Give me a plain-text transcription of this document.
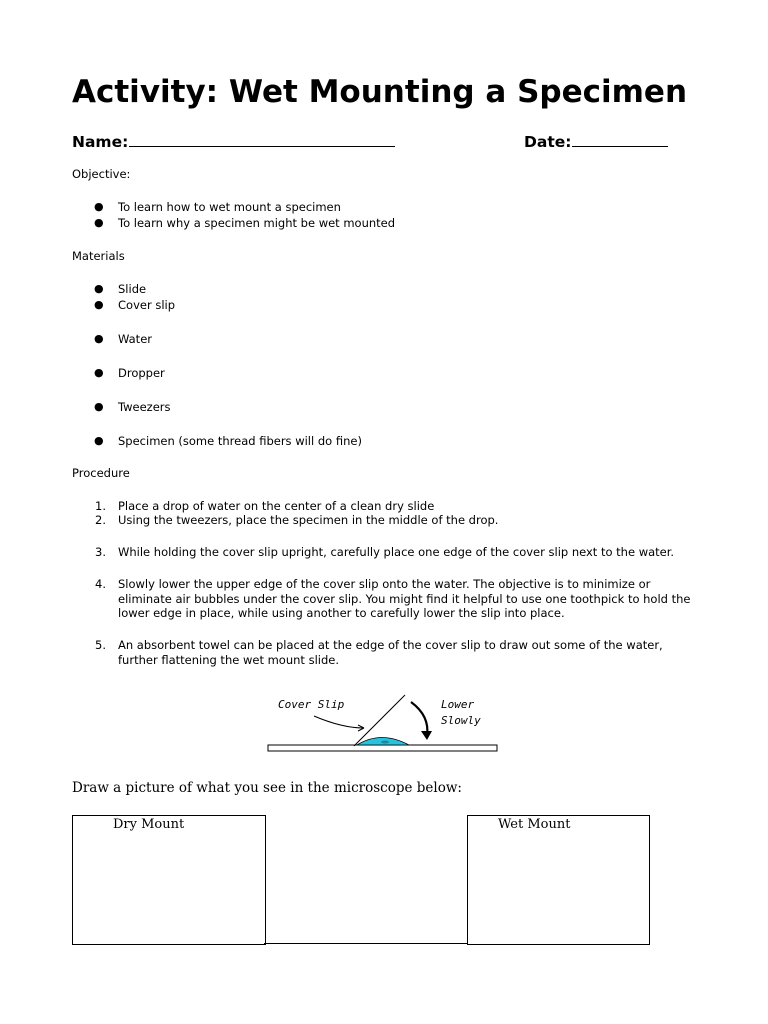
Activity: Wet Mounting a Specimen
Name:	Date:
Objective:
● To learn how to wet mount a specimen
● To learn why a specimen might be wet mounted
Materials
● Slide
● Cover slip
● Water
● Dropper
● Tweezers
● Specimen (some thread fibers will do fine)
Procedure
1. Place a drop of water on the center of a clean dry slide
2. Using the tweezers, place the specimen in the middle of the drop.
3. While holding the cover slip upright, carefully place one edge of the cover slip next to the water.
4. Slowly lower the upper edge of the cover slip onto the water. The objective is to minimize or
eliminate air bubbles under the cover slip. You might find it helpful to use one toothpick to hold the
lower edge in place, while using another to carefully lower the slip into place.
5. An absorbent towel can be placed at the edge of the cover slip to draw out some of the water,
further flattening the wet mount slide.
Cover Slip	Lower
Slowly
Draw a picture of what you see in the microscope below:
Dry Mount	Wet Mount
